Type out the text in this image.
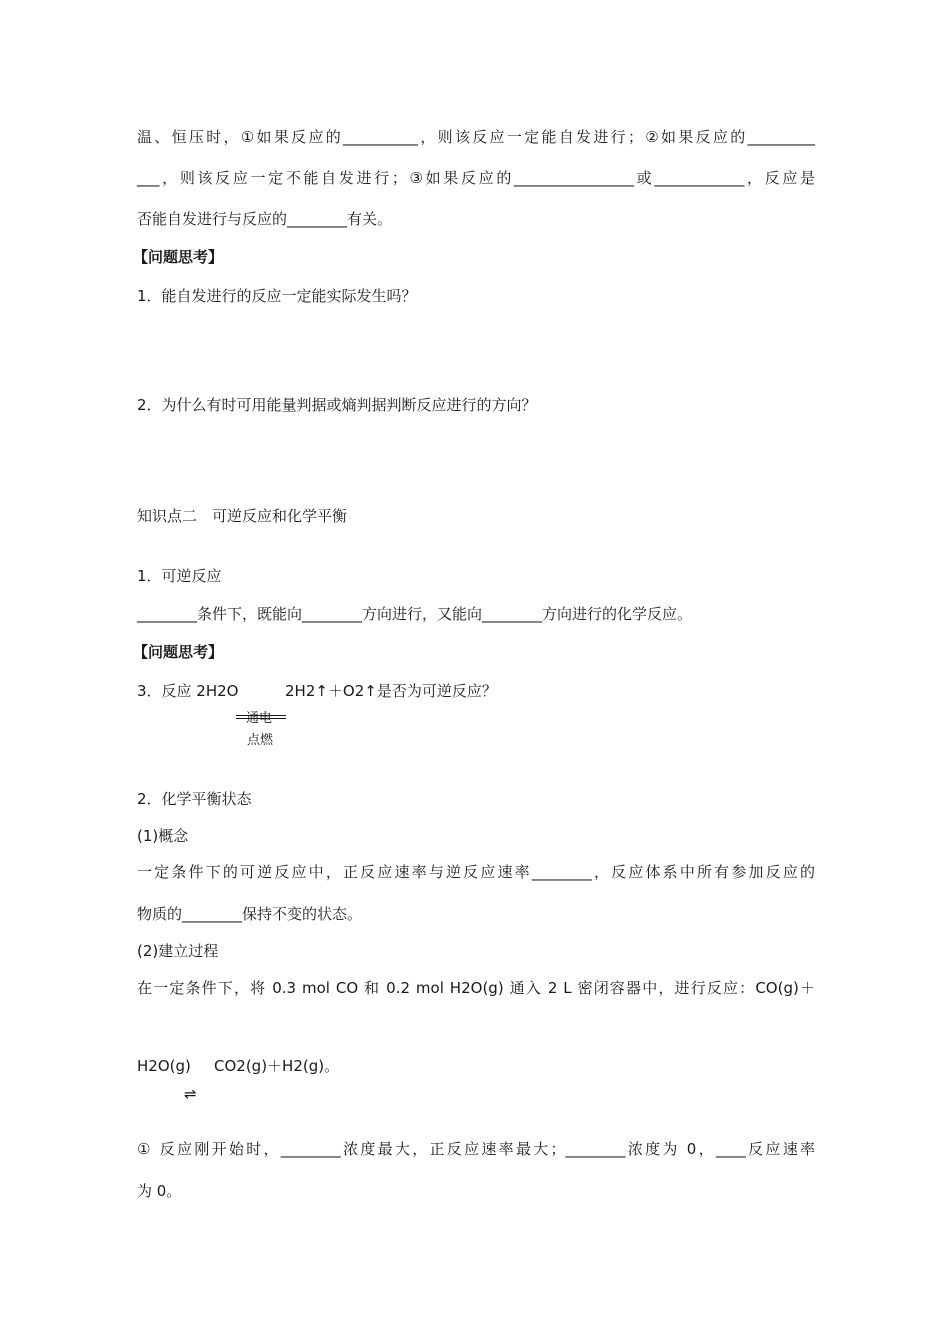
温、恒压时，①如果反应的__________，则该反应一定能自发进行；②如果反应的_________
___，则该反应一定不能自发进行；③如果反应的________________或____________，反应是
否能自发进行与反应的________有关。
【问题思考】
1．能自发进行的反应一定能实际发生吗？
2．为什么有时可用能量判据或熵判据判断反应进行的方向？
知识点二　可逆反应和化学平衡
1．可逆反应
________条件下，既能向________方向进行，又能向________方向进行的化学反应。
【问题思考】
3．反应 2H2O	2H2↑＋O2↑是否为可逆反应？
通电
点燃
2．化学平衡状态
(1)概念
一定条件下的可逆反应中，正反应速率与逆反应速率________，反应体系中所有参加反应的
物质的________保持不变的状态。
(2)建立过程
在一定条件下，将 0.3 mol CO 和 0.2 mol H2O(g) 通入 2 L 密闭容器中，进行反应：CO(g)＋
H2O(g) CO2(g)＋H2(g)。
⇌
① 反应刚开始时，________浓度最大，正反应速率最大；________浓度为 0，____反应速率
为 0。
